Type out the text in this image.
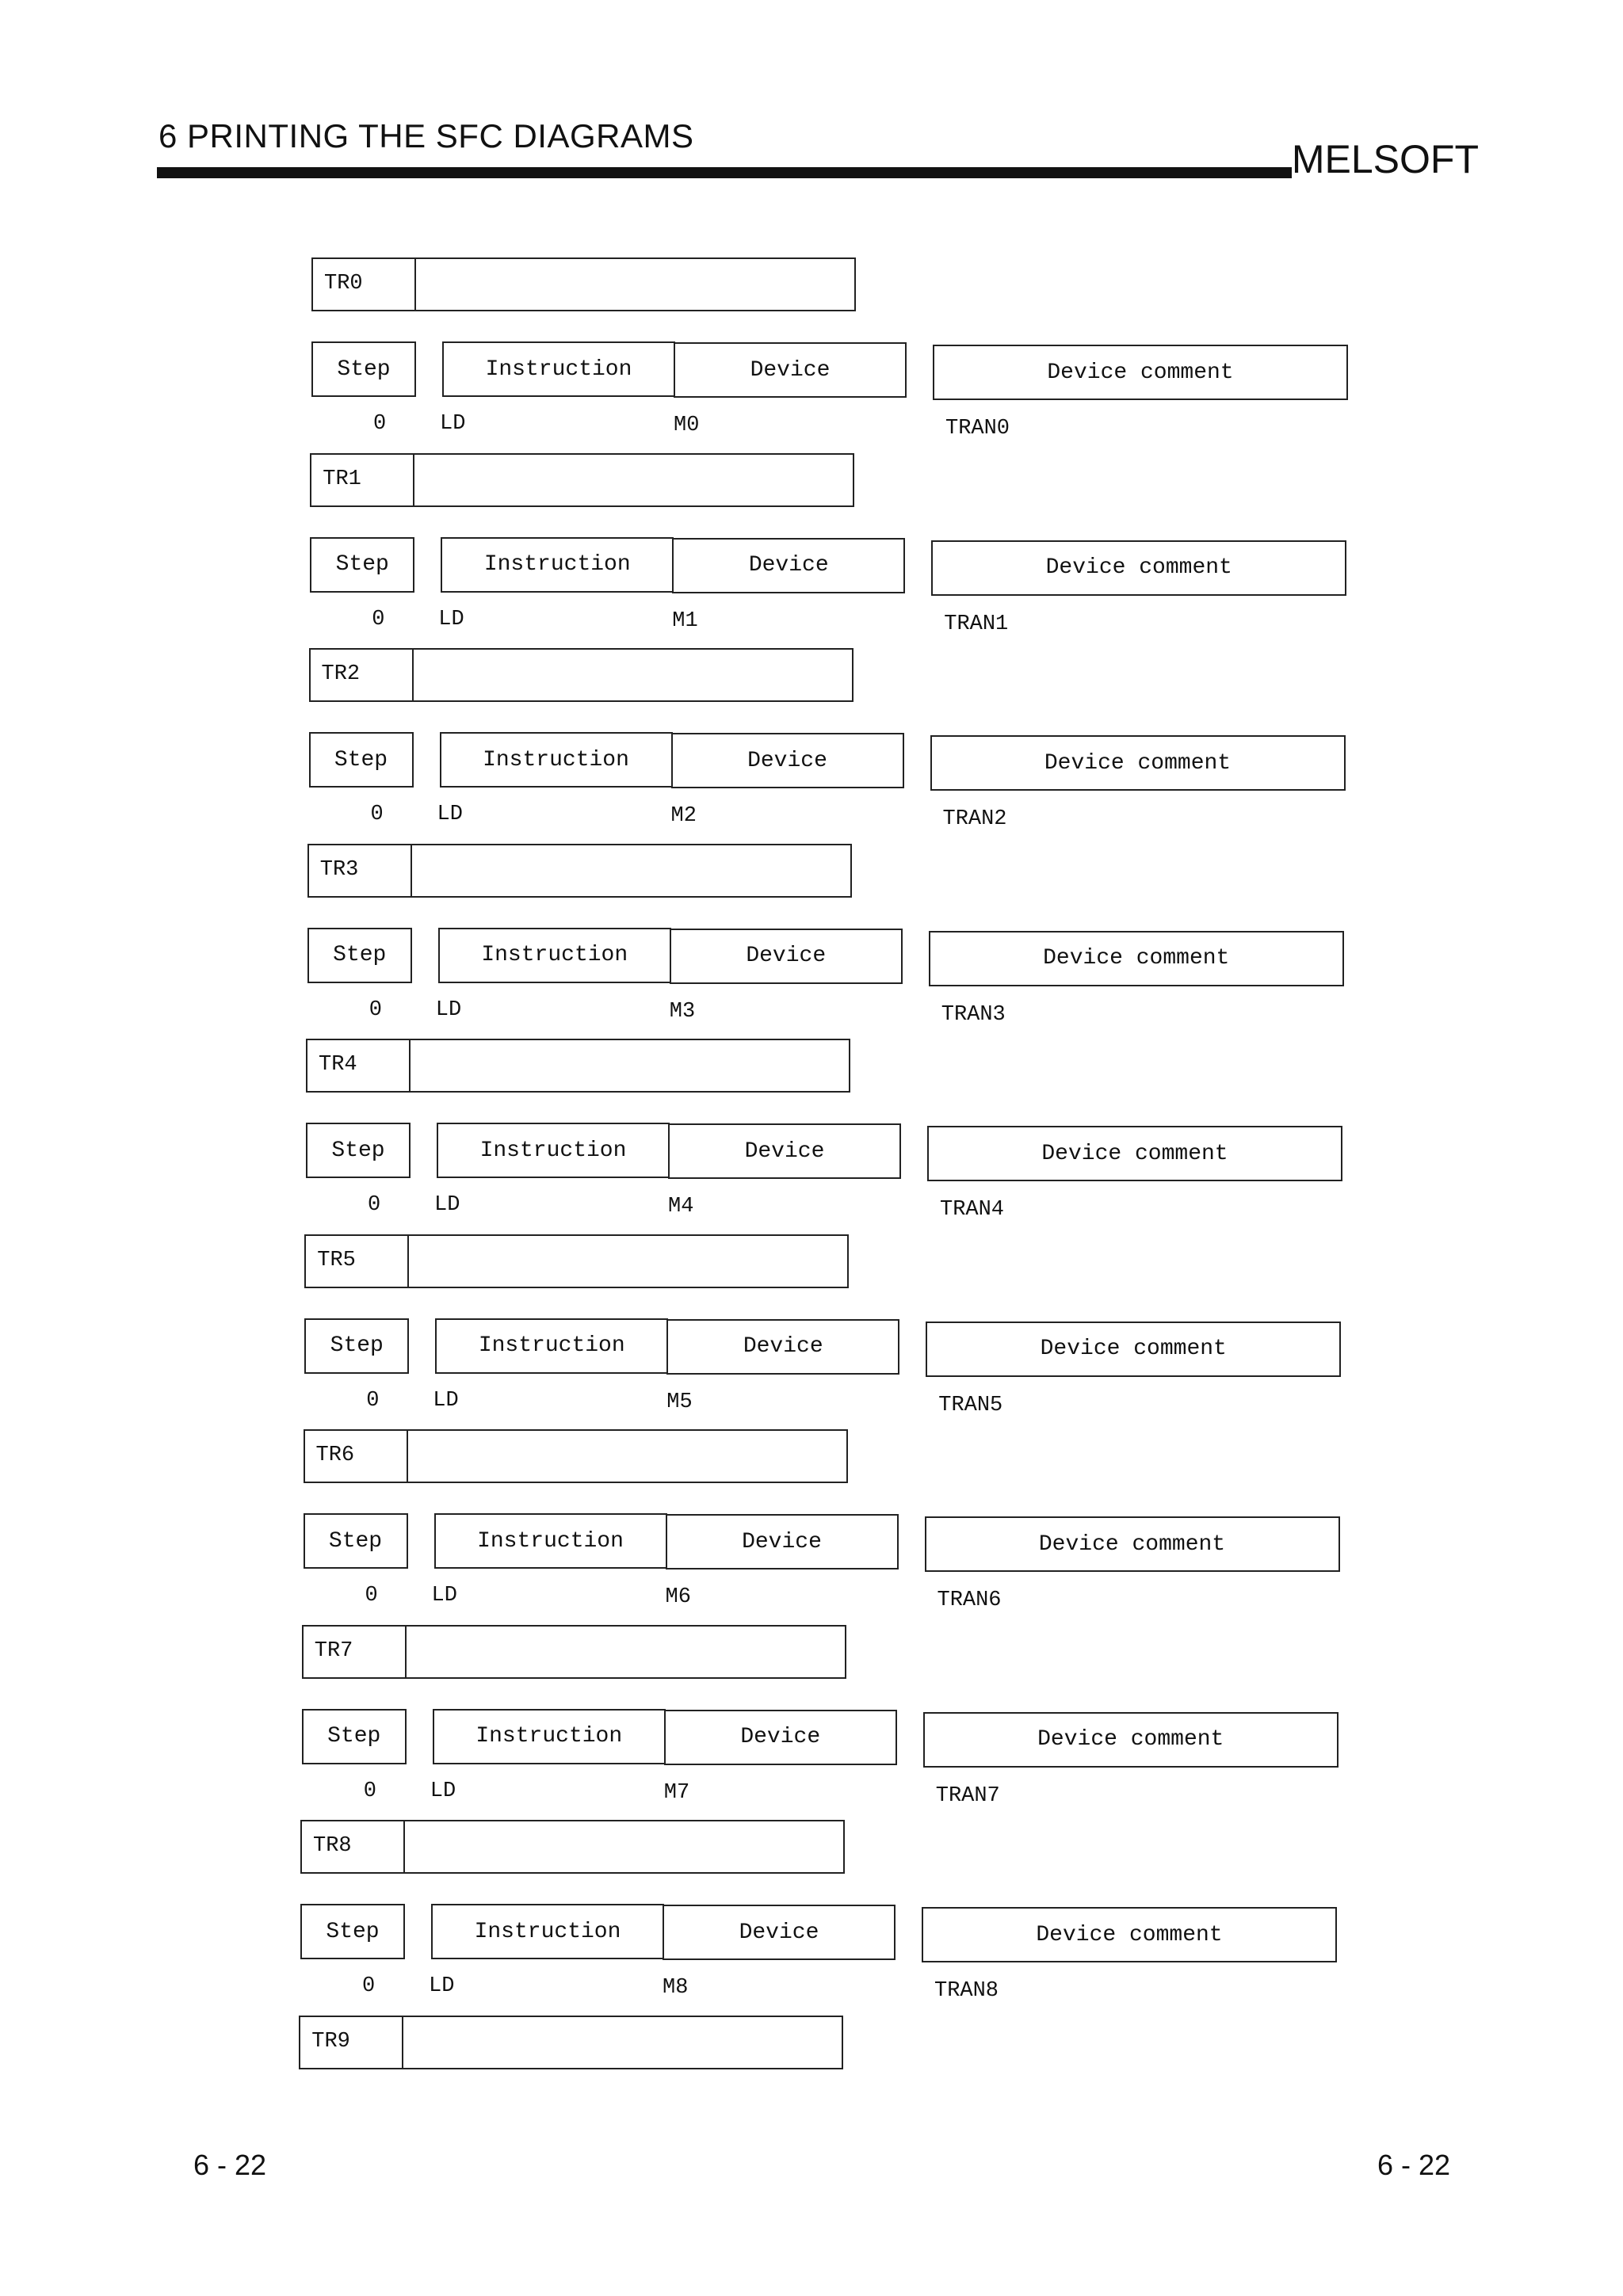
6 PRINTING THE SFC DIAGRAMS
MELSOFT
TR0
Step	Instruction	Device	Device comment
0	LD	M0	TRAN0
TR1
Step	Instruction	Device	Device comment
0	LD	M1	TRAN1
TR2
Step	Instruction	Device	Device comment
0	LD	M2	TRAN2
TR3
Step	Instruction	Device	Device comment
0	LD	M3	TRAN3
TR4
Step	Instruction	Device	Device comment
0	LD	M4	TRAN4
TR5
Step	Instruction	Device	Device comment
0	LD	M5	TRAN5
TR6
Step	Instruction	Device	Device comment
0	LD	M6	TRAN6
TR7
Step	Instruction	Device	Device comment
0	LD	M7	TRAN7
TR8
Step	Instruction	Device	Device comment
0	LD	M8	TRAN8
TR9
6 - 22	6 - 22
